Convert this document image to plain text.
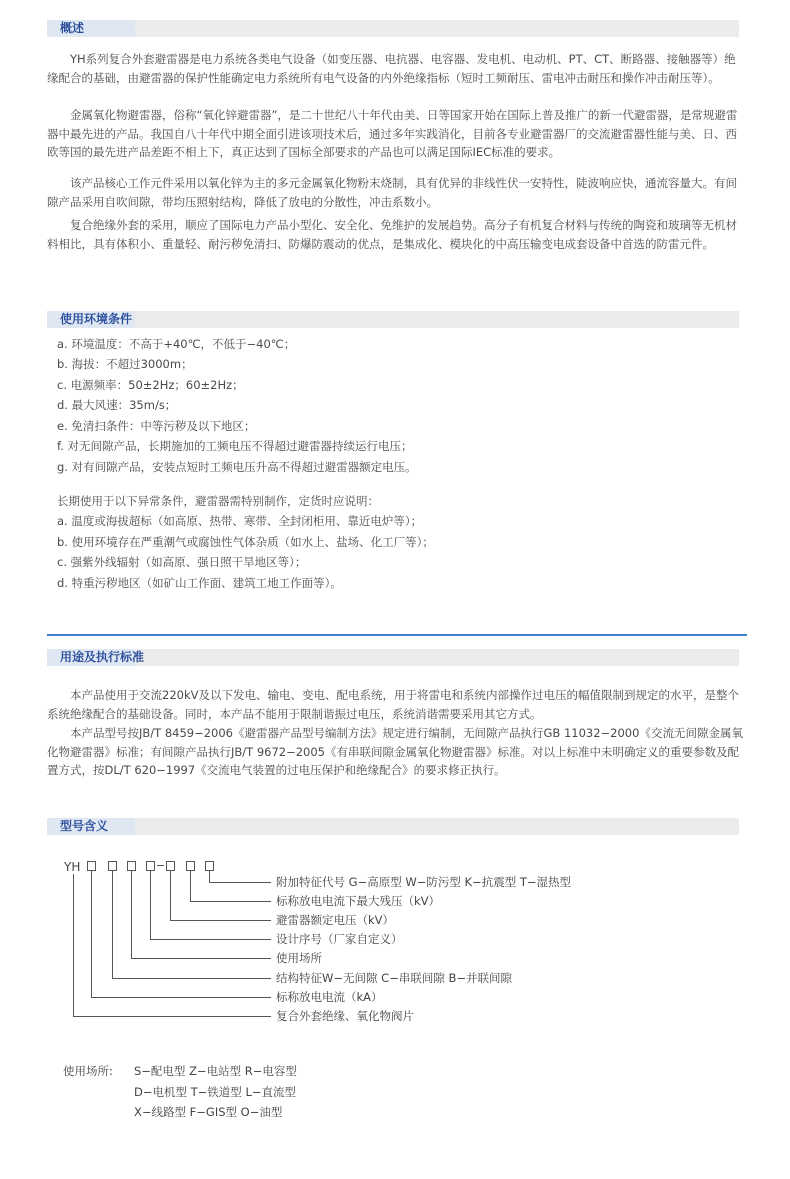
概述

YH系列复合外套避雷器是电力系统各类电气设备（如变压器、电抗器、电容器、发电机、电动机、PT、CT、断路器、接触器等）绝缘配合的基础，由避雷器的保护性能确定电力系统所有电气设备的内外绝缘指标（短时工频耐压、雷电冲击耐压和操作冲击耐压等）。

金属氧化物避雷器，俗称“氧化锌避雷器”，是二十世纪八十年代由美、日等国家开始在国际上普及推广的新一代避雷器，是常规避雷器中最先进的产品。我国自八十年代中期全面引进该项技术后，通过多年实践消化，目前各专业避雷器厂的交流避雷器性能与美、日、西欧等国的最先进产品差距不相上下，真正达到了国标全部要求的产品也可以满足国际IEC标准的要求。

该产品核心工作元件采用以氧化锌为主的多元金属氧化物粉末烧制，具有优异的非线性伏一安特性，陡波响应快，通流容量大。有间隙产品采用自吹间隙，带均压照射结构，降低了放电的分散性，冲击系数小。

复合绝缘外套的采用，顺应了国际电力产品小型化、安全化、免维护的发展趋势。高分子有机复合材料与传统的陶瓷和玻璃等无机材料相比，具有体积小、重量轻、耐污秽免清扫、防爆防震动的优点，是集成化、模块化的中高压输变电成套设备中首选的防雷元件。

使用环境条件

a. 环境温度：不高于+40℃，不低于−40℃；

b. 海拔：不超过3000m；

c. 电源频率：50±2Hz；60±2Hz；

d. 最大风速：35m/s；

e. 免清扫条件：中等污秽及以下地区；

f. 对无间隙产品，长期施加的工频电压不得超过避雷器持续运行电压；

g. 对有间隙产品，安装点短时工频电压升高不得超过避雷器额定电压。

长期使用于以下异常条件，避雷器需特别制作，定货时应说明：

a. 温度或海拔超标（如高原、热带、寒带、全封闭柜用、靠近电炉等）；

b. 使用环境存在严重潮气或腐蚀性气体杂质（如水上、盐场、化工厂等）；

c. 强紫外线辐射（如高原、强日照干旱地区等）；

d. 特重污秽地区（如矿山工作面、建筑工地工作面等）。

用途及执行标准

本产品使用于交流220kV及以下发电、输电、变电、配电系统，用于将雷电和系统内部操作过电压的幅值限制到规定的水平，是整个系统绝缘配合的基础设备。同时，本产品不能用于限制谐振过电压，系统消谐需要采用其它方式。

本产品型号按JB/T 8459−2006《避雷器产品型号编制方法》规定进行编制，无间隙产品执行GB 11032−2000《交流无间隙金属氧化物避雷器》标准；有间隙产品执行JB/T 9672−2005《有串联间隙金属氧化物避雷器》标准。对以上标准中未明确定义的重要参数及配置方式，按DL/T 620−1997《交流电气装置的过电压保护和绝缘配合》的要求修正执行。

型号含义
YH
附加特征代号 G−高原型 W−防污型 K−抗震型 T−湿热型
标称放电电流下最大残压（kV）
避雷器额定电压（kV）
设计序号（厂家自定义）
使用场所
结构特征W−无间隙 C−串联间隙 B−并联间隙
标称放电电流（kA）
复合外套绝缘、氧化物阀片
使用场所: S−配电型 Z−电站型 R−电容型
D−电机型 T−铁道型 L−直流型
X−线路型 F−GIS型 O−油型
